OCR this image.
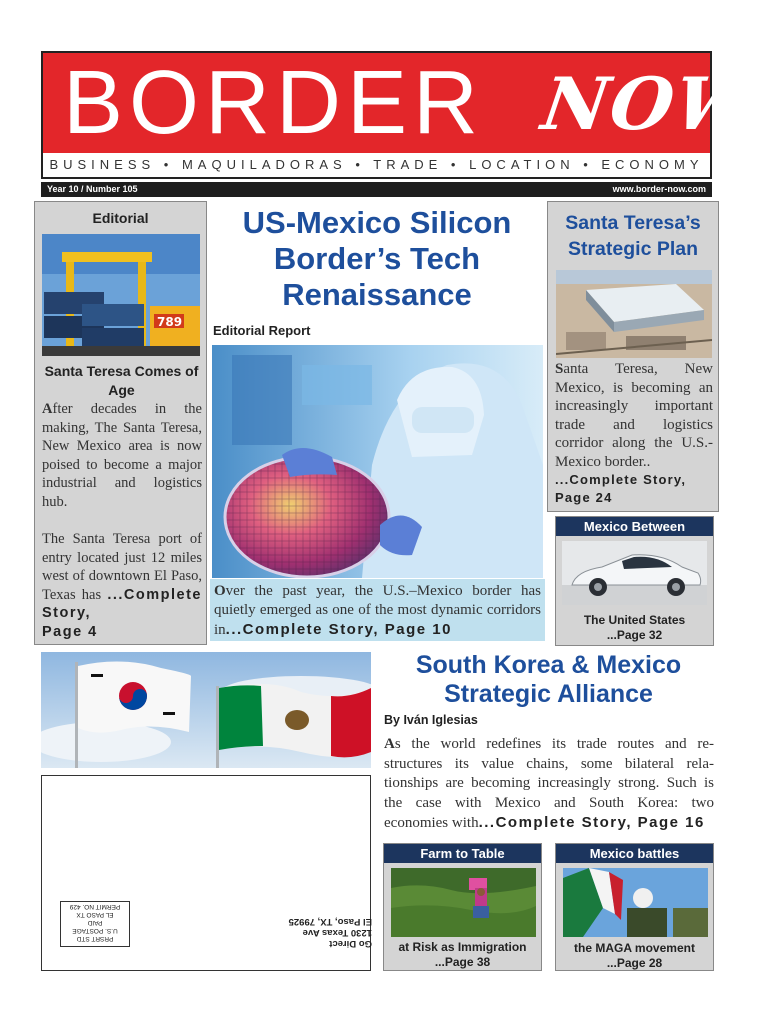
BORDER NOW
BUSINESS • MAQUILADORAS • TRADE • LOCATION • ECONOMY
Year 10 / Number 105	www.border-now.com
Editorial
789
Santa Teresa Comes of Age

After decades in the making, The Santa Teresa, New Mexico area is now poised to become a major industrial and logistics hub.

The Santa Teresa port of entry located just 12 miles west of downtown El Paso, Texas has ...Complete Story,
Page 4

US-Mexico Silicon Border’s Tech Renaissance
Editorial Report
Over the past year, the U.S.–Mexico border has quietly emerged as one of the most dynamic corridors in...Complete Story, Page 10
Santa Teresa’s Strategic Plan

Santa Teresa, New Mexico, is becoming an increasingly important trade and logistics corridor along the U.S.-Mexico border..

...Complete Story,
Page 24

Mexico Between
The United States
...Page 32
South Korea & Mexico Strategic Alliance
By Iván Iglesias

As the world redefines its trade routes and re-structures its value chains, some bilateral rela-tionships are becoming increasingly strong. Such is the case with Mexico and South Korea: two economies with...Complete Story, Page 16

PRSRT STD
U.S. POSTAGE
PAID
EL PASO TX
PERMIT NO. 429
Go Direct
1230 Texas Ave
El Paso, TX, 79925
Farm to Table
at Risk as Immigration
...Page 38
Mexico battles
the MAGA movement
...Page 28
